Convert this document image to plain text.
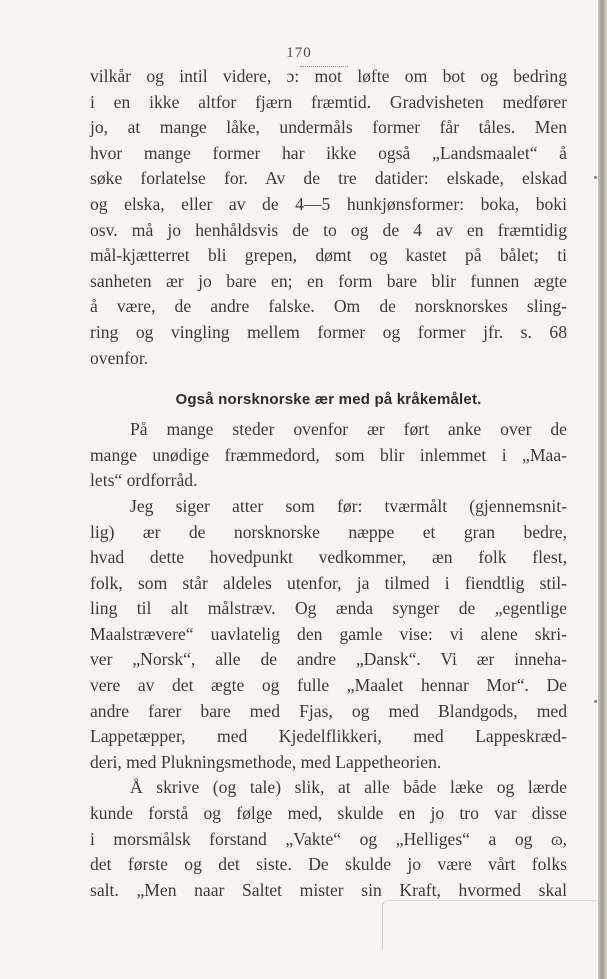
170
vilkår og intil videre, ɔ: mot løfte om bot og bedring
i en ikke altfor fjærn fræmtid. Gradvisheten medfører
jo, at mange låke, undermåls former får tåles. Men
hvor mange former har ikke også „Landsmaalet“ å
søke forlatelse for. Av de tre datider: elskade, elskad
og elska, eller av de 4—5 hunkjønsformer: boka, boki
osv. må jo henhåldsvis de to og de 4 av en fræmtidig
mål-kjætterret bli grepen, dømt og kastet på bålet; ti
sanheten ær jo bare en; en form bare blir funnen ægte
å være, de andre falske. Om de norsknorskes sling-
ring og vingling mellem former og former jfr. s. 68
ovenfor.
Også norsknorske ær med på kråkemålet.
På mange steder ovenfor ær ført anke over de
mange unødige fræmmedord, som blir inlemmet i „Maa-
lets“ ordforråd.
Jeg siger atter som før: tværmålt (gjennemsnit-
lig) ær de norsknorske næppe et gran bedre,
hvad dette hovedpunkt vedkommer, æn folk flest,
folk, som står aldeles utenfor, ja tilmed i fiendtlig stil-
ling til alt målstræv. Og ænda synger de „egentlige
Maalstrævere“ uavlatelig den gamle vise: vi alene skri-
ver „Norsk“, alle de andre „Dansk“. Vi ær inneha-
vere av det ægte og fulle „Maalet hennar Mor“. De
andre farer bare med Fjas, og med Blandgods, med
Lappetæpper, med Kjedelflikkeri, med Lappeskræd-
deri, med Plukningsmethode, med Lappetheorien.
Å skrive (og tale) slik, at alle både læke og lærde
kunde forstå og følge med, skulde en jo tro var disse
i morsmålsk forstand „Vakte“ og „Helliges“ a og ɷ,
det første og det siste. De skulde jo være vårt folks
salt. „Men naar Saltet mister sin Kraft, hvormed skal
